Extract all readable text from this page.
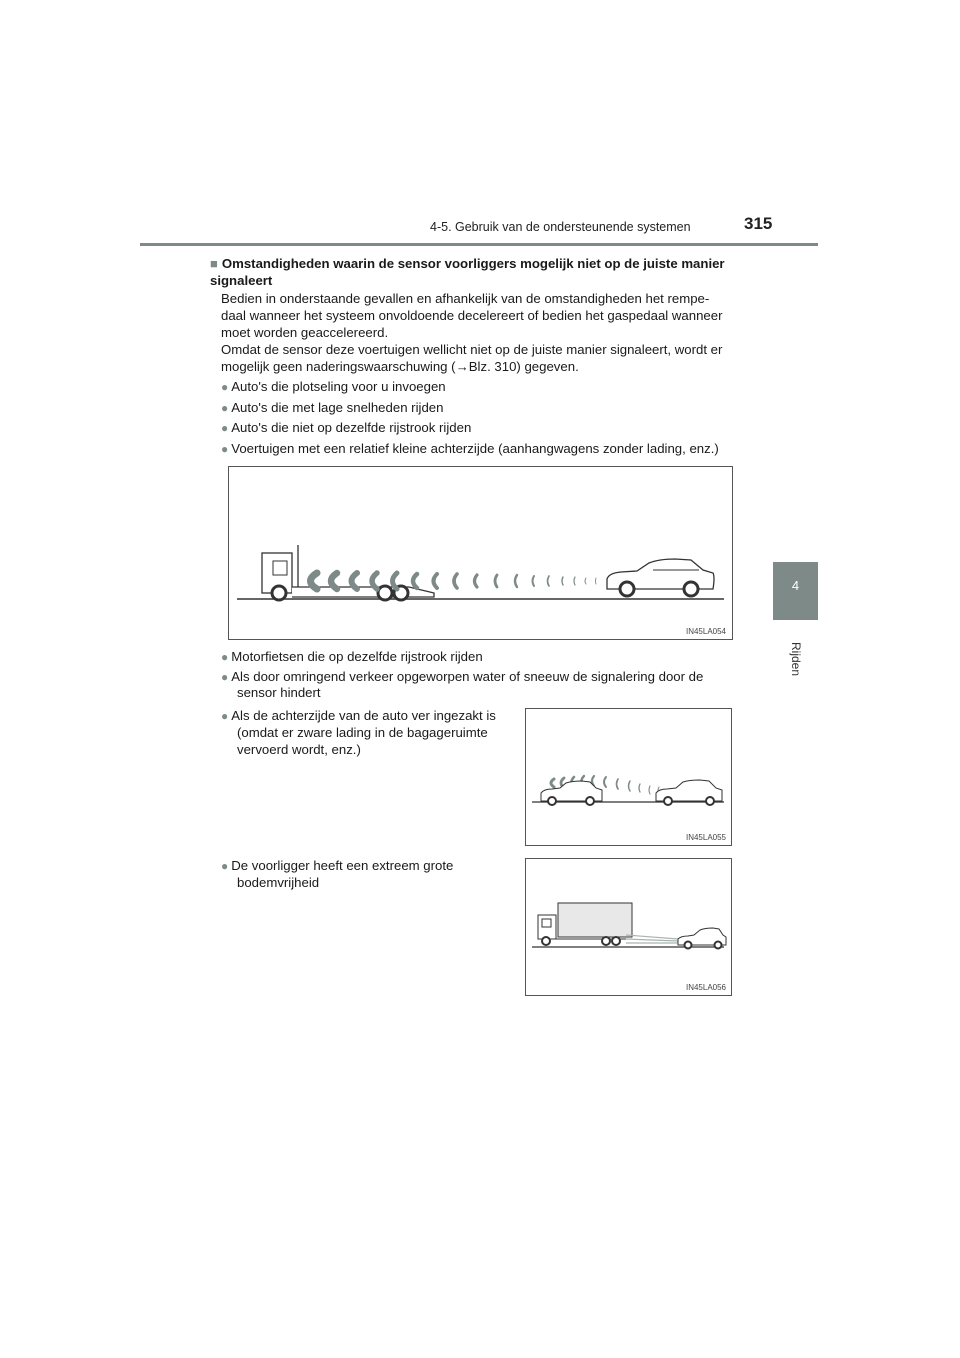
4-5. Gebruik van de ondersteunende systemen	315
4
Rijden
■ Omstandigheden waarin de sensor voorliggers mogelijk niet op de juiste manier signaleert
Bedien in onderstaande gevallen en afhankelijk van de omstandigheden het rempe-
daal wanneer het systeem onvoldoende decelereert of bedien het gaspedaal wanneer
moet worden geaccelereerd.
Omdat de sensor deze voertuigen wellicht niet op de juiste manier signaleert, wordt er
mogelijk geen naderingswaarschuwing (→Blz. 310) gegeven.
● Auto's die plotseling voor u invoegen
● Auto's die met lage snelheden rijden
● Auto's die niet op dezelfde rijstrook rijden
● Voertuigen met een relatief kleine achterzijde (aanhangwagens zonder lading, enz.)
IN45LA054
● Motorfietsen die op dezelfde rijstrook rijden
● Als door omringend verkeer opgeworpen water of sneeuw de signalering door de
sensor hindert
● Als de achterzijde van de auto ver ingezakt is
(omdat er zware lading in de bagageruimte
vervoerd wordt, enz.)
IN45LA055
● De voorligger heeft een extreem grote
bodemvrijheid
IN45LA056
